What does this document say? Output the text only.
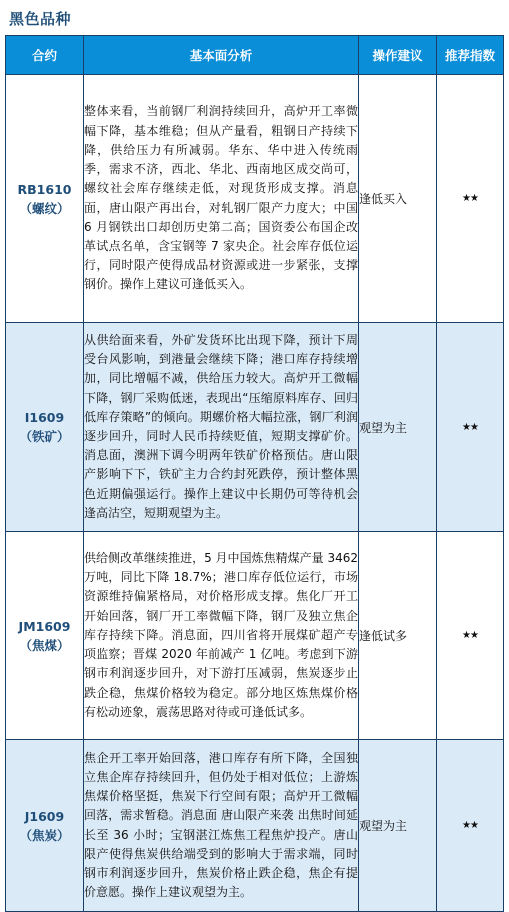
黑色品种
合约	基本面分析	操作建议	推荐指数

RB1610
（螺纹）	整体来看，当前钢厂利润持续回升，高炉开工率微幅下降，基本维稳；但从产量看，粗钢日产持续下降，供给压力有所减弱。华东、华中进入传统雨季，需求不济，西北、华北、西南地区成交尚可，螺纹社会库存继续走低，对现货形成支撑。消息面，唐山限产再出台，对轧钢厂限产力度大；中国 6 月钢铁出口却创历史第二高；国资委公布国企改革试点名单，含宝钢等 7 家央企。社会库存低位运行，同时限产使得成品材资源或进一步紧张，支撑钢价。操作上建议可逢低买入。	逢低买入	★★

I1609
（铁矿）	从供给面来看，外矿发货环比出现下降，预计下周受台风影响，到港量会继续下降；港口库存持续增加，同比增幅不减，供给压力较大。高炉开工微幅下降，钢厂采购低迷，表现出“压缩原料库存、回归低库存策略”的倾向。期螺价格大幅拉涨，钢厂利润逐步回升，同时人民币持续贬值，短期支撑矿价。消息面，澳洲下调今明两年铁矿价格预估。唐山限产影响下下，铁矿主力合约封死跌停，预计整体黑色近期偏强运行。操作上建议中长期仍可等待机会逢高沽空，短期观望为主。	观望为主	★★

JM1609
（焦煤）	供给侧改革继续推进，5 月中国炼焦精煤产量 3462 万吨，同比下降 18.7%；港口库存低位运行，市场资源维持偏紧格局，对价格形成支撑。焦化厂开工开始回落，钢厂开工率微幅下降，钢厂及独立焦企库存持续下降。消息面，四川省将开展煤矿超产专项监察；晋煤 2020 年前减产 1 亿吨。考虑到下游钢市利润逐步回升，对下游打压减弱，焦炭逐步止跌企稳，焦煤价格较为稳定。部分地区炼焦煤价格有松动迹象，震荡思路对待或可逢低试多。	逢低试多	★★

J1609
（焦炭）	焦企开工率开始回落，港口库存有所下降，全国独立焦企库存持续回升，但仍处于相对低位；上游炼焦煤价格坚挺，焦炭下行空间有限；高炉开工微幅回落，需求暂稳。消息面 唐山限产来袭 出焦时间延长至 36 小时；宝钢湛江炼焦工程焦炉投产。唐山限产使得焦炭供给端受到的影响大于需求端，同时钢市利润逐步回升，焦炭价格止跌企稳，焦企有提价意愿。操作上建议观望为主。	观望为主	★★
